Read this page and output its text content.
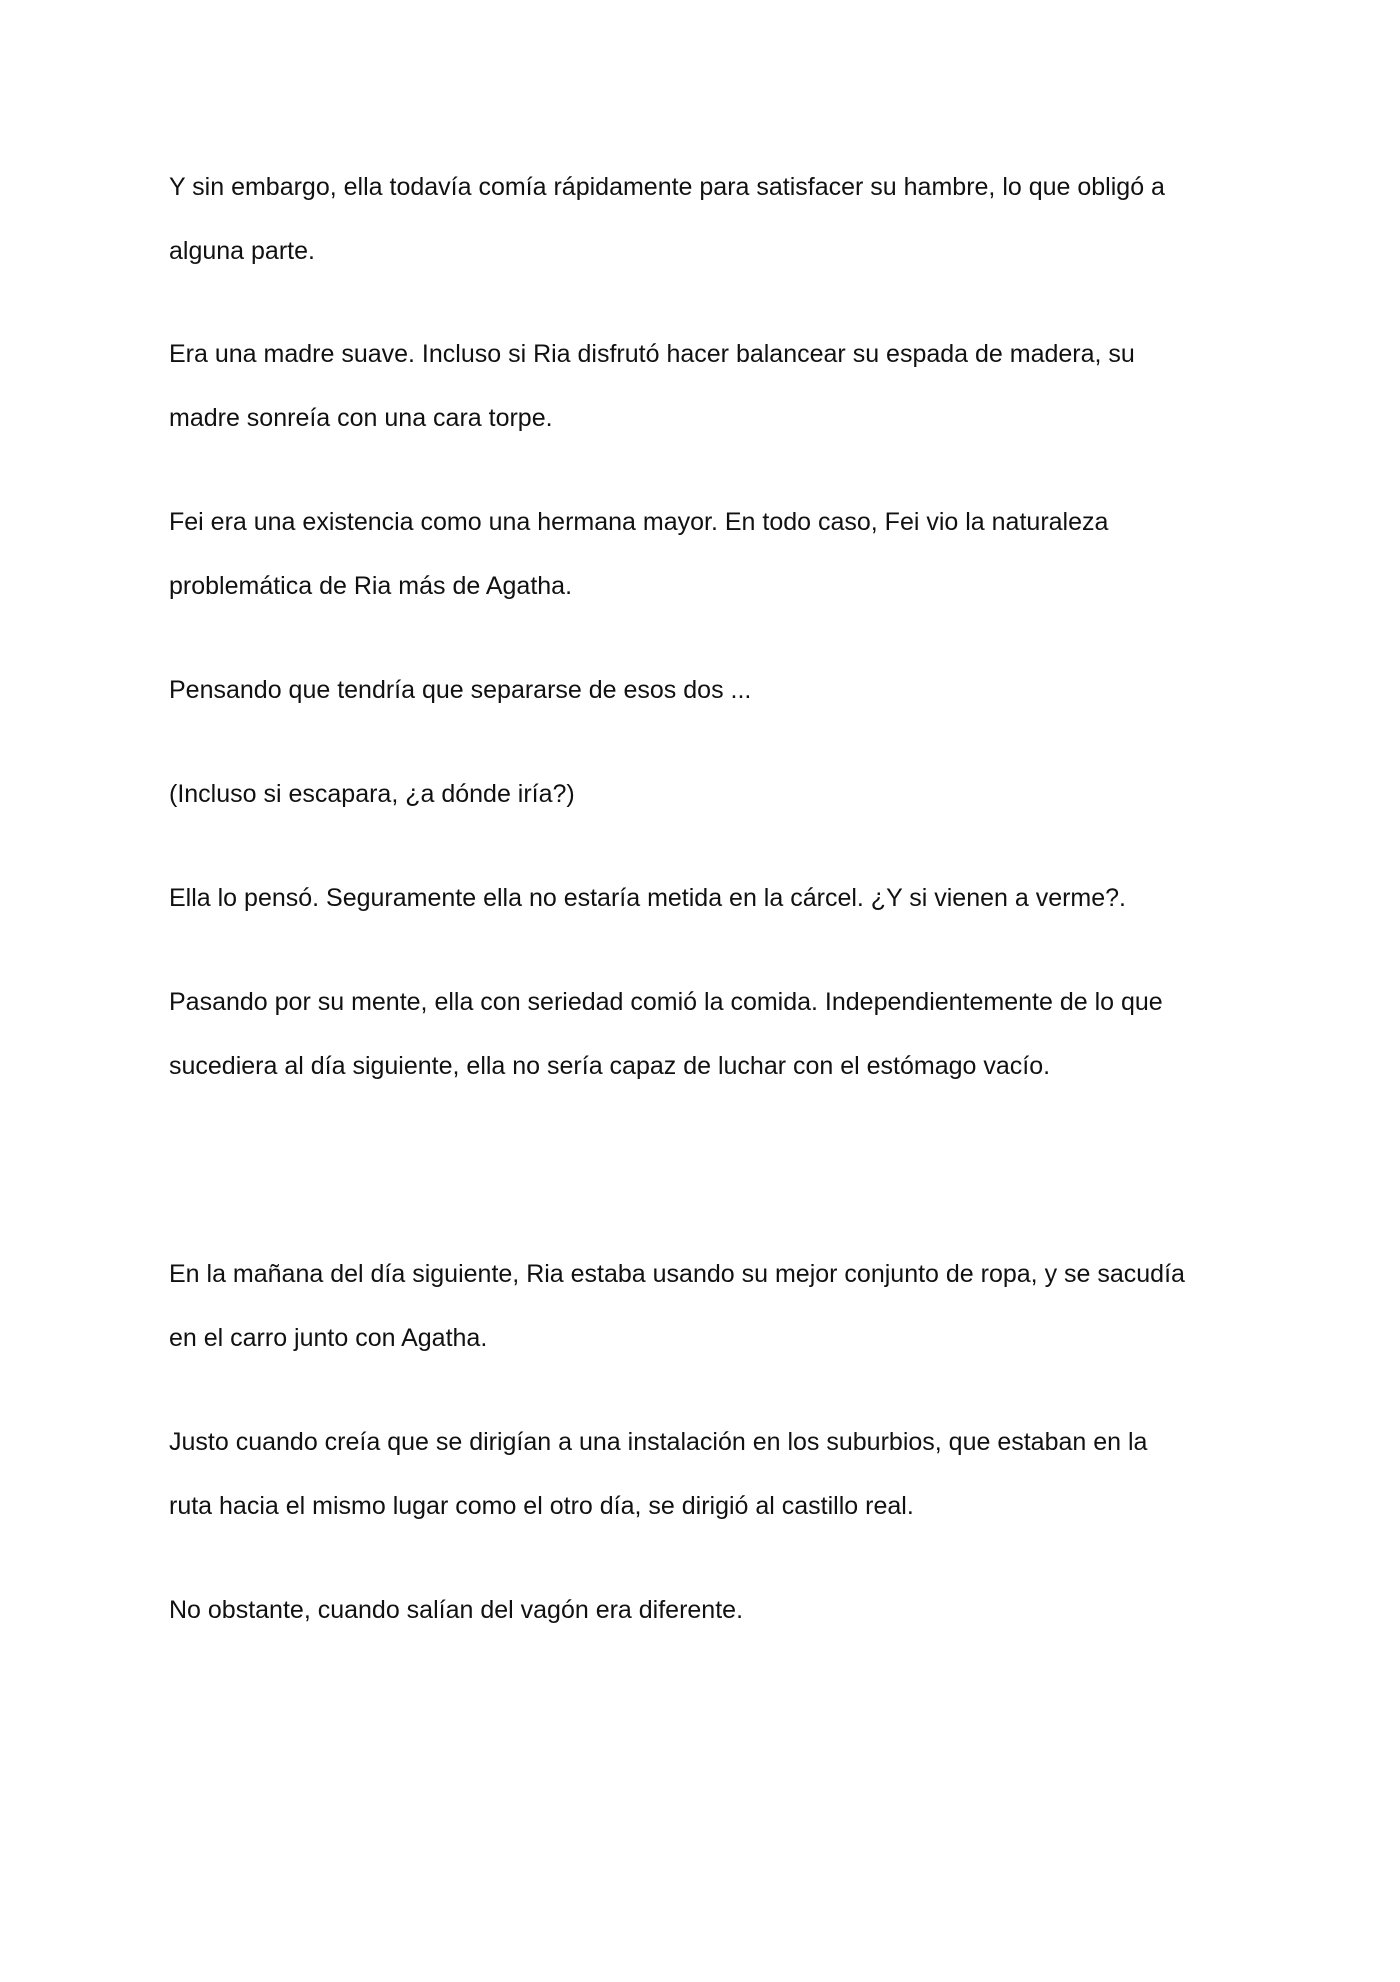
Y sin embargo, ella todavía comía rápidamente para satisfacer su hambre, lo que obligó a
alguna parte.
Era una madre suave. Incluso si Ria disfrutó hacer balancear su espada de madera, su
madre sonreía con una cara torpe.
Fei era una existencia como una hermana mayor. En todo caso, Fei vio la naturaleza
problemática de Ria más de Agatha.
Pensando que tendría que separarse de esos dos ...
(Incluso si escapara, ¿a dónde iría?)
Ella lo pensó. Seguramente ella no estaría metida en la cárcel. ¿Y si vienen a verme?.
Pasando por su mente, ella con seriedad comió la comida. Independientemente de lo que
sucediera al día siguiente, ella no sería capaz de luchar con el estómago vacío.
En la mañana del día siguiente, Ria estaba usando su mejor conjunto de ropa, y se sacudía
en el carro junto con Agatha.
Justo cuando creía que se dirigían a una instalación en los suburbios, que estaban en la
ruta hacia el mismo lugar como el otro día, se dirigió al castillo real.
No obstante, cuando salían del vagón era diferente.
